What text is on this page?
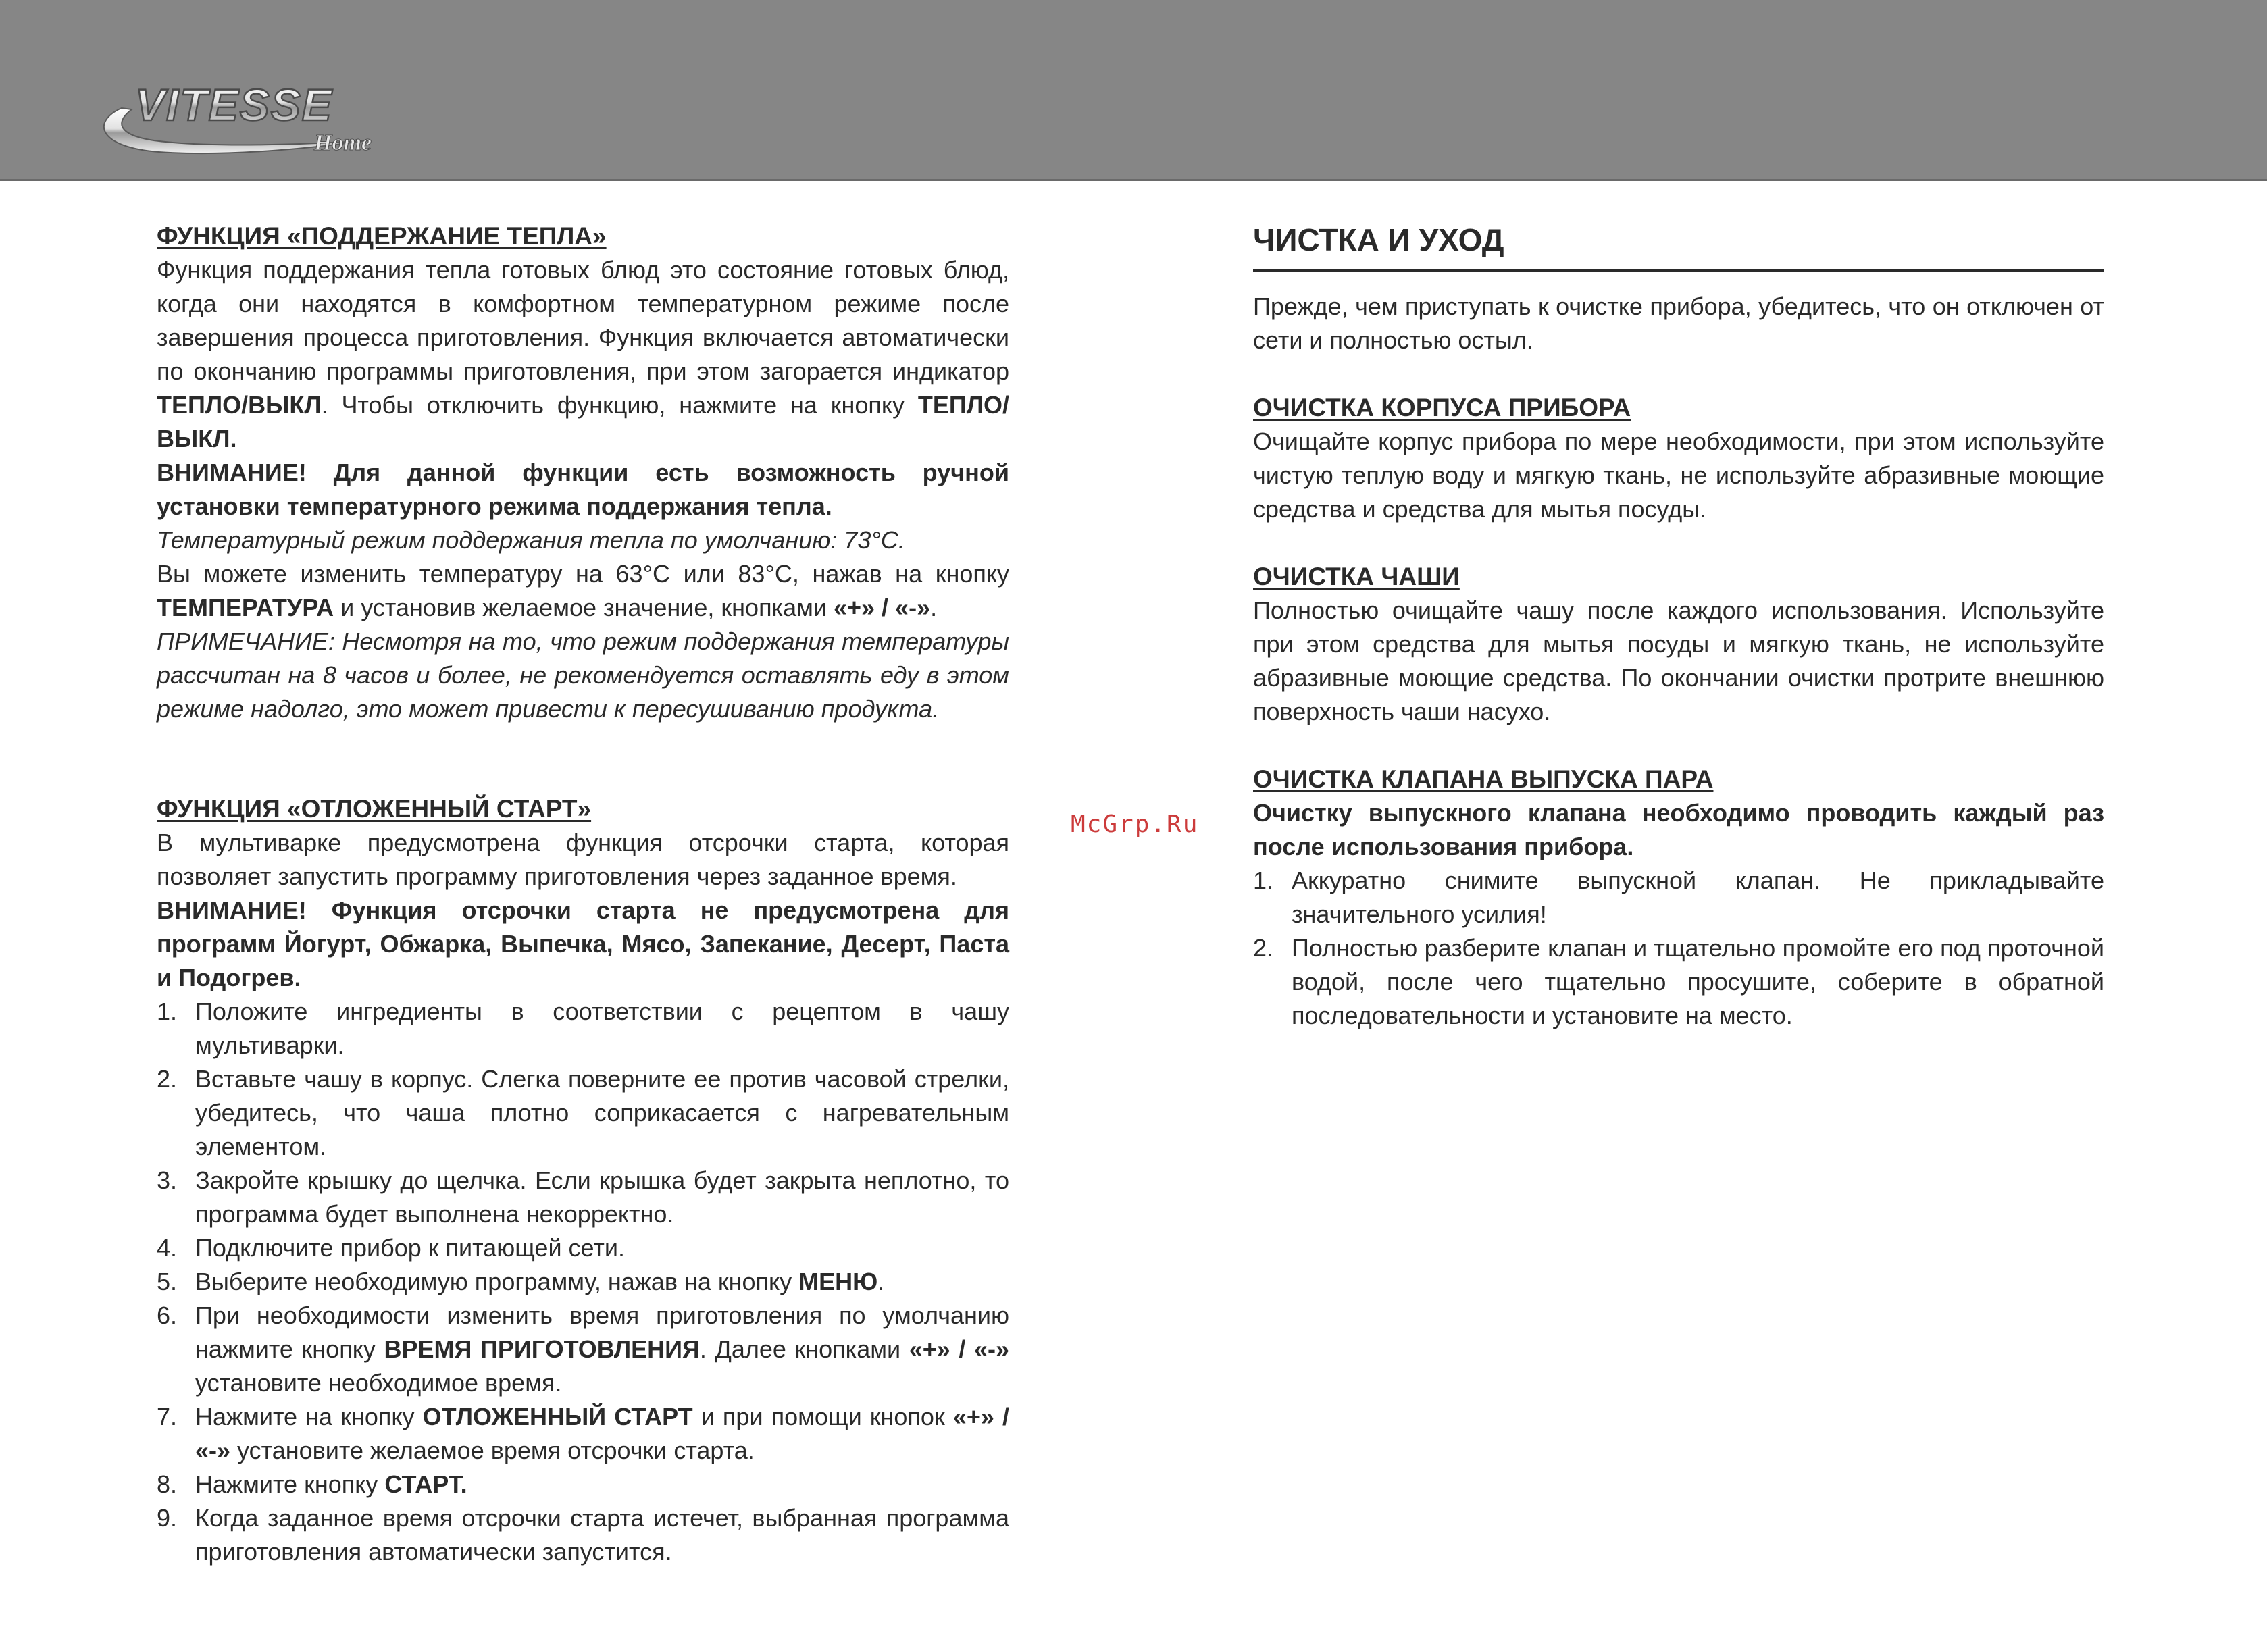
VITESSE
Home
ФУНКЦИЯ «ПОДДЕРЖАНИЕ ТЕПЛА»

Функция поддержания тепла готовых блюд это состояние готовых блюд, когда они находятся в комфортном температурном режиме после завершения процесса приготовления. Функция включается автоматически по окончанию программы приготовления, при этом загорается индикатор ТЕПЛО/ВЫКЛ. Чтобы отключить функцию, нажмите на кнопку ТЕПЛО/ВЫКЛ.

ВНИМАНИЕ! Для данной функции есть возможность ручной установки температурного режима поддержания тепла.

Температурный режим поддержания тепла по умолчанию: 73°С.

Вы можете изменить температуру на 63°С или 83°С, нажав на кнопку ТЕМПЕРАТУРА и установив желаемое значение, кнопками «+» / «-».

ПРИМЕЧАНИЕ: Несмотря на то, что режим поддержания температуры рассчитан на 8 часов и более, не рекомендуется оставлять еду в этом режиме надолго, это может привести к пересушиванию продукта.

ФУНКЦИЯ «ОТЛОЖЕННЫЙ СТАРТ»

В мультиварке предусмотрена функция отсрочки старта, которая позволяет запустить программу приготовления через заданное время.

ВНИМАНИЕ! Функция отсрочки старта не предусмотрена для программ Йогурт, Обжарка, Выпечка, Мясо, Запекание, Десерт, Паста и Подогрев.

1. Положите ингредиенты в соответствии с рецептом в чашу мультиварки.
2. Вставьте чашу в корпус. Слегка поверните ее против часовой стрелки, убедитесь, что чаша плотно соприкасается с нагревательным элементом.
3. Закройте крышку до щелчка. Если крышка будет закрыта неплотно, то программа будет выполнена некорректно.
4. Подключите прибор к питающей сети.
5. Выберите необходимую программу, нажав на кнопку МЕНЮ.
6. При необходимости изменить время приготовления по умолчанию нажмите кнопку ВРЕМЯ ПРИГОТОВЛЕНИЯ. Далее кнопками «+» / «-» установите необходимое время.
7. Нажмите на кнопку ОТЛОЖЕННЫЙ СТАРТ и при помощи кнопок «+» / «-» установите желаемое время отсрочки старта.
8. Нажмите кнопку СТАРТ.
9. Когда заданное время отсрочки старта истечет, выбранная программа приготовления автоматически запустится.
McGrp.Ru
ЧИСТКА И УХОД

Прежде, чем приступать к очистке прибора, убедитесь, что он отключен от сети и полностью остыл.

ОЧИСТКА КОРПУСА ПРИБОРА

Очищайте корпус прибора по мере необходимости, при этом используйте чистую теплую воду и мягкую ткань, не используйте абразивные моющие средства и средства для мытья посуды.

ОЧИСТКА ЧАШИ

Полностью очищайте чашу после каждого использования. Используйте при этом средства для мытья посуды и мягкую ткань, не используйте абразивные моющие средства. По окончании очистки протрите внешнюю поверхность чаши насухо.

ОЧИСТКА КЛАПАНА ВЫПУСКА ПАРА

Очистку выпускного клапана необходимо проводить каждый раз после использования прибора.

1. Аккуратно снимите выпускной клапан. Не прикладывайте значительного усилия!
2. Полностью разберите клапан и тщательно промойте его под проточной водой, после чего тщательно просушите, соберите в обратной последовательности и установите на место.
